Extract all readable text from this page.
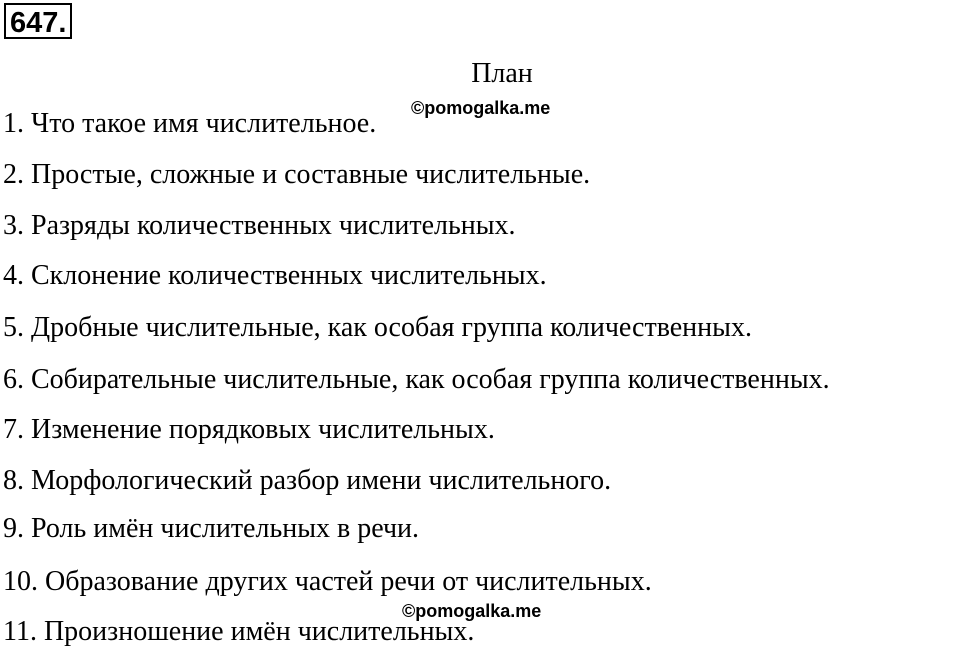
647.
План
1. Что такое имя числительное.
2. Простые, сложные и составные числительные.
3. Разряды количественных числительных.
4. Склонение количественных числительных.
5. Дробные числительные, как особая группа количественных.
6. Собирательные числительные, как особая группа количественных.
7. Изменение порядковых числительных.
8. Морфологический разбор имени числительного.
9. Роль имён числительных в речи.
10. Образование других частей речи от числительных.
11. Произношение имён числительных.
©pomogalka.me
©pomogalka.me
